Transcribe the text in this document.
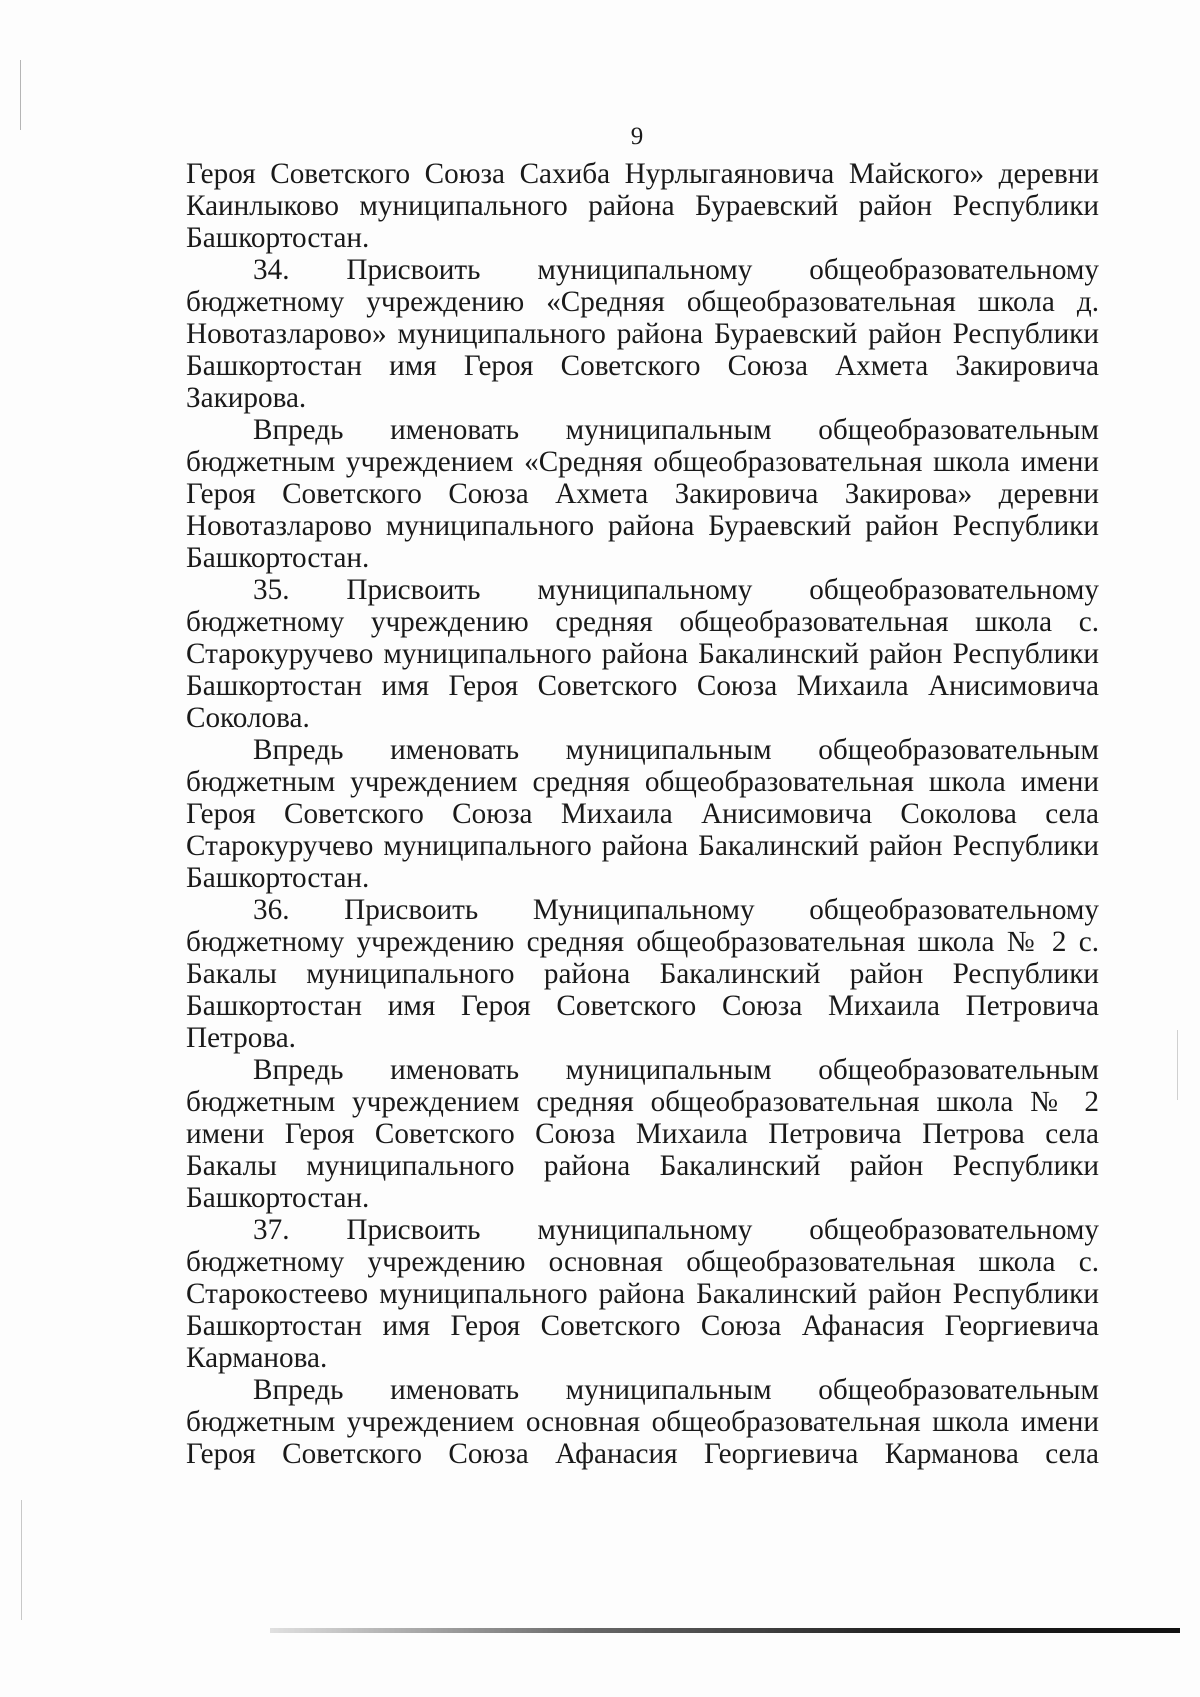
9

Героя Советского Союза Сахиба Нурлыгаяновича Майского» деревни Каинлыково муниципального района Бураевский район Республики Башкортостан.

34. Присвоить муниципальному общеобразовательному бюджетному учреждению «Средняя общеобразовательная школа д. Новотазларово» муниципального района Бураевский район Республики Башкортостан имя Героя Советского Союза Ахмета Закировича Закирова.

Впредь именовать муниципальным общеобразовательным бюджетным учреждением «Средняя общеобразовательная школа имени Героя Советского Союза Ахмета Закировича Закирова» деревни Новотазларово муниципального района Бураевский район Республики Башкортостан.

35. Присвоить муниципальному общеобразовательному бюджетному учреждению средняя общеобразовательная школа с. Старокуручево муниципального района Бакалинский район Республики Башкортостан имя Героя Советского Союза Михаила Анисимовича Соколова.

Впредь именовать муниципальным общеобразовательным бюджетным учреждением средняя общеобразовательная школа имени Героя Советского Союза Михаила Анисимовича Соколова села Старокуручево муниципального района Бакалинский район Республики Башкортостан.

36. Присвоить Муниципальному общеобразовательному бюджетному учреждению средняя общеобразовательная школа № 2 с. Бакалы муниципального района Бакалинский район Республики Башкортостан имя Героя Советского Союза Михаила Петровича Петрова.

Впредь именовать муниципальным общеобразовательным бюджетным учреждением средняя общеобразовательная школа № 2 имени Героя Советского Союза Михаила Петровича Петрова села Бакалы муниципального района Бакалинский район Республики Башкортостан.

37. Присвоить муниципальному общеобразовательному бюджетному учреждению основная общеобразовательная школа с. Старокостеево муниципального района Бакалинский район Республики Башкортостан имя Героя Советского Союза Афанасия Георгиевича Карманова.

Впредь именовать муниципальным общеобразовательным бюджетным учреждением основная общеобразовательная школа имени Героя Советского Союза Афанасия Георгиевича Карманова села
